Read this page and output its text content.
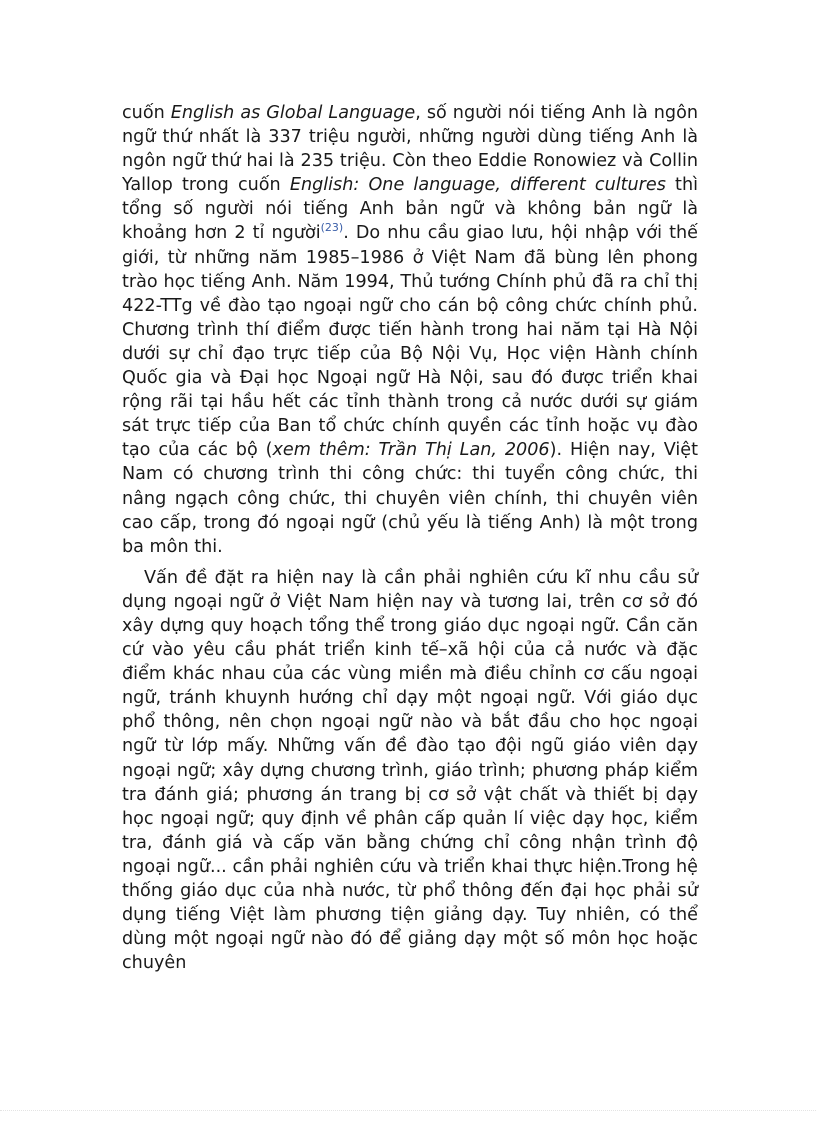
cuốn English as Global Language, số người nói tiếng Anh là ngôn ngữ thứ nhất là 337 triệu người, những người dùng tiếng Anh là ngôn ngữ thứ hai là 235 triệu. Còn theo Eddie Ronowiez và Collin Yallop trong cuốn English: One language, different cultures thì tổng số người nói tiếng Anh bản ngữ và không bản ngữ là khoảng hơn 2 tỉ người$^{(23)}$. Do nhu cầu giao lưu, hội nhập với thế giới, từ những năm 1985–1986 ở Việt Nam đã bùng lên phong trào học tiếng Anh. Năm 1994, Thủ tướng Chính phủ đã ra chỉ thị 422-TTg về đào tạo ngoại ngữ cho cán bộ công chức chính phủ. Chương trình thí điểm được tiến hành trong hai năm tại Hà Nội dưới sự chỉ đạo trực tiếp của Bộ Nội Vụ, Học viện Hành chính Quốc gia và Đại học Ngoại ngữ Hà Nội, sau đó được triển khai rộng rãi tại hầu hết các tỉnh thành trong cả nước dưới sự giám sát trực tiếp của Ban tổ chức chính quyền các tỉnh hoặc vụ đào tạo của các bộ (xem thêm: Trần Thị Lan, 2006). Hiện nay, Việt Nam có chương trình thi công chức: thi tuyển công chức, thi nâng ngạch công chức, thi chuyên viên chính, thi chuyên viên cao cấp, trong đó ngoại ngữ (chủ yếu là tiếng Anh) là một trong ba môn thi.

Vấn đề đặt ra hiện nay là cần phải nghiên cứu kĩ nhu cầu sử dụng ngoại ngữ ở Việt Nam hiện nay và tương lai, trên cơ sở đó xây dựng quy hoạch tổng thể trong giáo dục ngoại ngữ. Cần căn cứ vào yêu cầu phát triển kinh tế–xã hội của cả nước và đặc điểm khác nhau của các vùng miền mà điều chỉnh cơ cấu ngoại ngữ, tránh khuynh hướng chỉ dạy một ngoại ngữ. Với giáo dục phổ thông, nên chọn ngoại ngữ nào và bắt đầu cho học ngoại ngữ từ lớp mấy. Những vấn đề đào tạo đội ngũ giáo viên dạy ngoại ngữ; xây dựng chương trình, giáo trình; phương pháp kiểm tra đánh giá; phương án trang bị cơ sở vật chất và thiết bị dạy học ngoại ngữ; quy định về phân cấp quản lí việc dạy học, kiểm tra, đánh giá và cấp văn bằng chứng chỉ công nhận trình độ ngoại ngữ... cần phải nghiên cứu và triển khai thực hiện.Trong hệ thống giáo dục của nhà nước, từ phổ thông đến đại học phải sử dụng tiếng Việt làm phương tiện giảng dạy. Tuy nhiên, có thể dùng một ngoại ngữ nào đó để giảng dạy một số môn học hoặc chuyên
